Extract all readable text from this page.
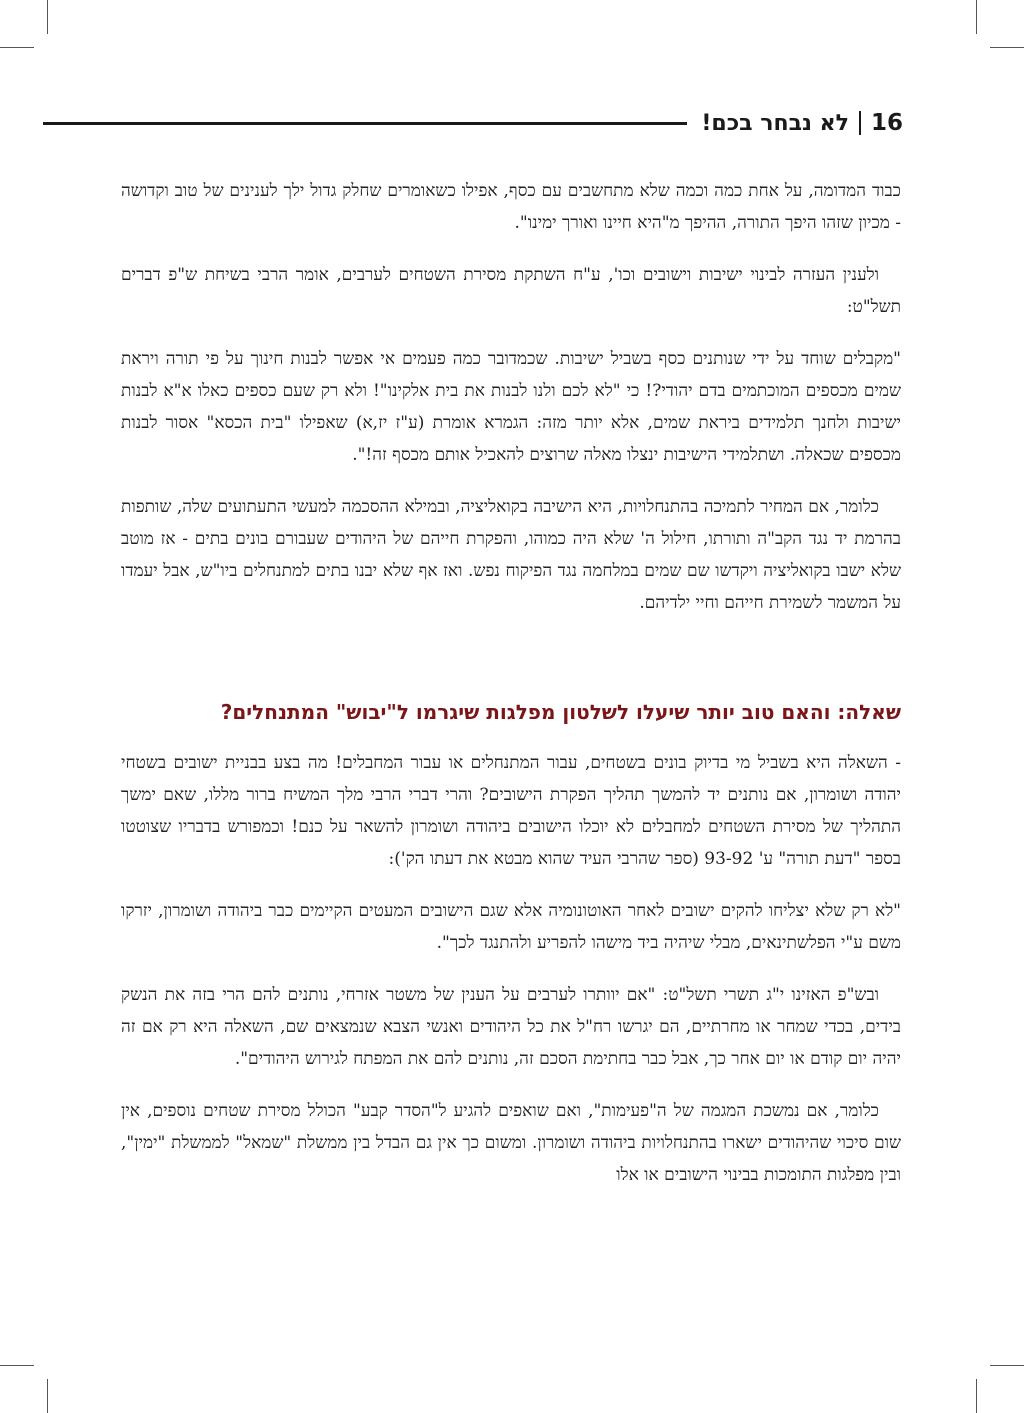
16
לא נבחר בכם!

כבוד המדומה, על אחת כמה וכמה שלא מתחשבים עם כסף, אפילו כשאומרים שחלק גדול ילך לענינים של טוב וקדושה - מכיון שזהו היפך התורה, ההיפך מ"היא חיינו ואורך ימינו".

ולענין העזרה לבינוי ישיבות וישובים וכו', ע"ח השתקת מסירת השטחים לערבים, אומר הרבי בשיחת ש"פ דברים תשל"ט:

"מקבלים שוחד על ידי שנותנים כסף בשביל ישיבות. שכמדובר כמה פעמים אי אפשר לבנות חינוך על פי תורה ויראת שמים מכספים המוכתמים בדם יהודי?! כי "לא לכם ולנו לבנות את בית אלקינו"! ולא רק שעם כספים כאלו א"א לבנות ישיבות ולחנך תלמידים ביראת שמים, אלא יותר מזה: הגמרא אומרת (ע"ז יז,א) שאפילו "בית הכסא" אסור לבנות מכספים שכאלה. ושתלמידי הישיבות ינצלו מאלה שרוצים להאכיל אותם מכסף זה!".

כלומר, אם המחיר לתמיכה בהתנחלויות, היא הישיבה בקואליציה, ובמילא ההסכמה למעשי התעתועים שלה, שותפות בהרמת יד נגד הקב"ה ותורתו, חילול ה' שלא היה כמוהו, והפקרת חייהם של היהודים שעבורם בונים בתים - אז מוטב שלא ישבו בקואליציה ויקדשו שם שמים במלחמה נגד הפיקוח נפש. ואז אף שלא יבנו בתים למתנחלים ביו"ש, אבל יעמדו על המשמר לשמירת חייהם וחיי ילדיהם.

שאלה: והאם טוב יותר שיעלו לשלטון מפלגות שיגרמו ל"יבוש" המתנחלים?

- השאלה היא בשביל מי בדיוק בונים בשטחים, עבור המתנחלים או עבור המחבלים! מה בצע בבניית ישובים בשטחי יהודה ושומרון, אם נותנים יד להמשך תהליך הפקרת הישובים? והרי דברי הרבי מלך המשיח ברור מללו, שאם ימשך התהליך של מסירת השטחים למחבלים לא יוכלו הישובים ביהודה ושומרון להשאר על כנם! וכמפורש בדבריו שצוטטו בספר "דעת תורה" ע' 93-92 (ספר שהרבי העיד שהוא מבטא את דעתו הק'):

"לא רק שלא יצליחו להקים ישובים לאחר האוטונומיה אלא שגם הישובים המעטים הקיימים כבר ביהודה ושומרון, יזרקו משם ע"י הפלשתינאים, מבלי שיהיה ביד מישהו להפריע ולהתנגד לכך".

ובש"פ האזינו י"ג תשרי תשל"ט: "אם יוותרו לערבים על הענין של משטר אזרחי, נותנים להם הרי בזה את הנשק בידים, בכדי שמחר או מחרתיים, הם יגרשו רח"ל את כל היהודים ואנשי הצבא שנמצאים שם, השאלה היא רק אם זה יהיה יום קודם או יום אחר כך, אבל כבר בחתימת הסכם זה, נותנים להם את המפתח לגירוש היהודים".

כלומר, אם נמשכת המגמה של ה"פעימות", ואם שואפים להגיע ל"הסדר קבע" הכולל מסירת שטחים נוספים, אין שום סיכוי שהיהודים ישארו בהתנחלויות ביהודה ושומרון. ומשום כך אין גם הבדל בין ממשלת "שמאל" לממשלת "ימין", ובין מפלגות התומכות בבינוי הישובים או אלו
